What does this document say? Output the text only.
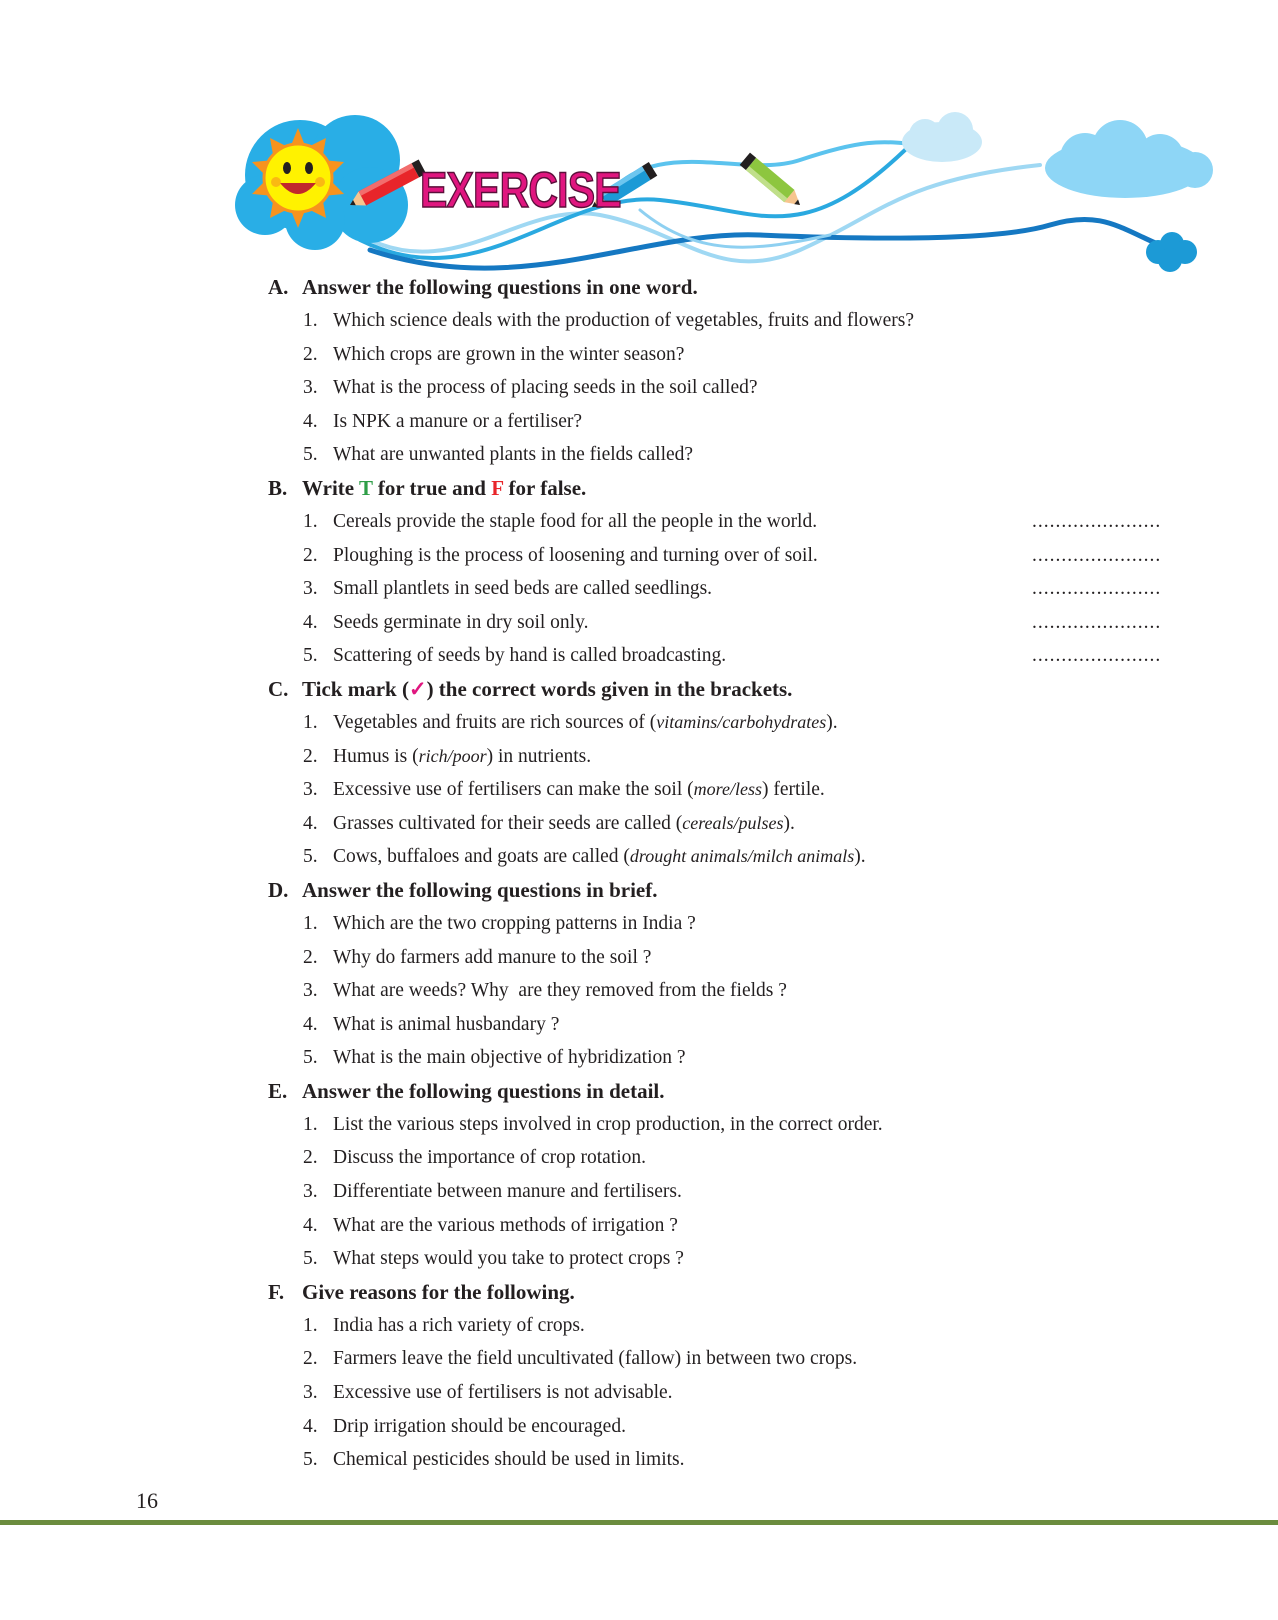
EXERCISE
A. Answer the following questions in one word.
1. Which science deals with the production of vegetables, fruits and flowers?
2. Which crops are grown in the winter season?
3. What is the process of placing seeds in the soil called?
4. Is NPK a manure or a fertiliser?
5. What are unwanted plants in the fields called?
B. Write T for true and F for false.
1. Cereals provide the staple food for all the people in the world.	......................
2. Ploughing is the process of loosening and turning over of soil.	......................
3. Small plantlets in seed beds are called seedlings.	......................
4. Seeds germinate in dry soil only.	......................
5. Scattering of seeds by hand is called broadcasting.	......................
C. Tick mark (✓) the correct words given in the brackets.
1. Vegetables and fruits are rich sources of (vitamins/carbohydrates).
2. Humus is (rich/poor) in nutrients.
3. Excessive use of fertilisers can make the soil (more/less) fertile.
4. Grasses cultivated for their seeds are called (cereals/pulses).
5. Cows, buffaloes and goats are called (drought animals/milch animals).
D. Answer the following questions in brief.
1. Which are the two cropping patterns in India ?
2. Why do farmers add manure to the soil ?
3. What are weeds? Why  are they removed from the fields ?
4. What is animal husbandary ?
5. What is the main objective of hybridization ?
E. Answer the following questions in detail.
1. List the various steps involved in crop production, in the correct order.
2. Discuss the importance of crop rotation.
3. Differentiate between manure and fertilisers.
4. What are the various methods of irrigation ?
5. What steps would you take to protect crops ?
F. Give reasons for the following.
1. India has a rich variety of crops.
2. Farmers leave the field uncultivated (fallow) in between two crops.
3. Excessive use of fertilisers is not advisable.
4. Drip irrigation should be encouraged.
5. Chemical pesticides should be used in limits.
16
